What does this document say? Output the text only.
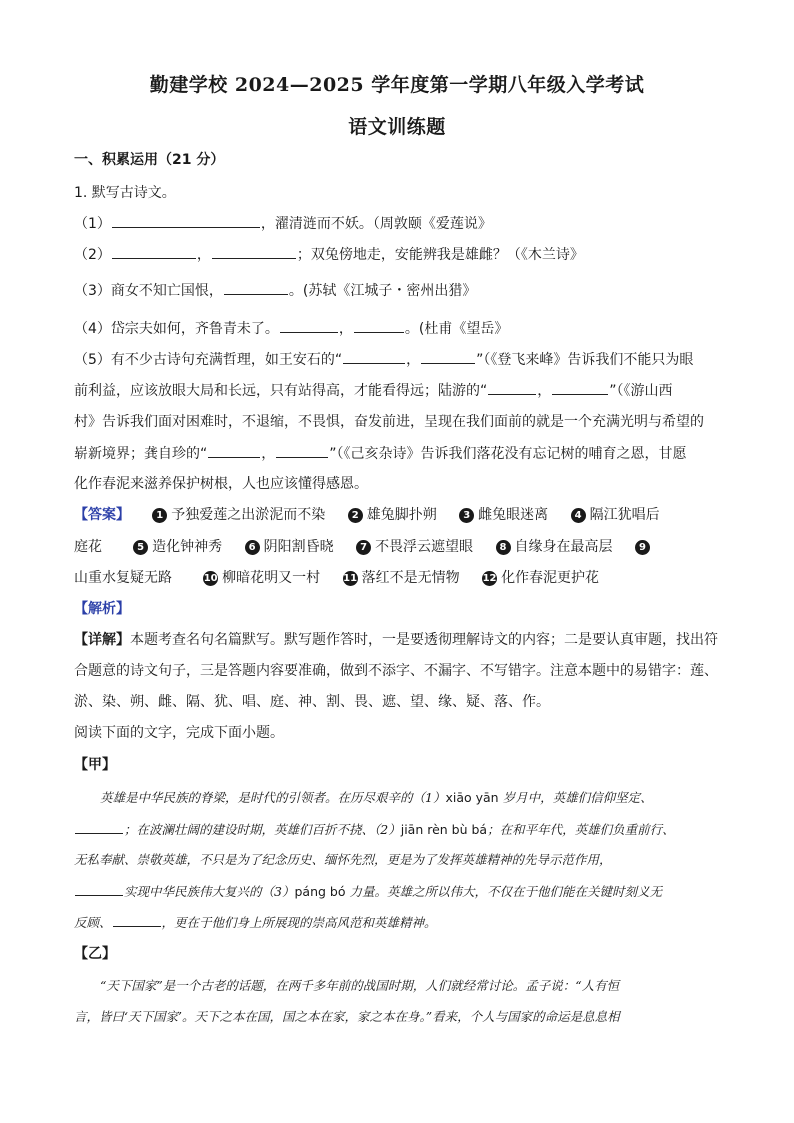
勤建学校 2024—2025 学年度第一学期八年级入学考试
语文训练题
一、积累运用（21 分）
1. 默写古诗文。
（1）	，濯清涟而不妖。（周敦颐《爱莲说》
（2）	，	；双兔傍地走，安能辨我是雄雌？（《木兰诗》
（3）商女不知亡国恨，	。(苏轼《江城子・密州出猎》
（4）岱宗夫如何，齐鲁青未了。	，	。(杜甫《望岳》
（5）有不少古诗句充满哲理，如王安石的“	，	”（《登飞来峰》告诉我们不能只为眼
前利益，应该放眼大局和长远，只有站得高，才能看得远；陆游的“	，	”（《游山西
村》告诉我们面对困难时，不退缩，不畏惧，奋发前进，呈现在我们面前的就是一个充满光明与希望的
崭新境界；龚自珍的“	，	”（《己亥杂诗》告诉我们落花没有忘记树的哺育之恩，甘愿
化作春泥来滋养保护树根，人也应该懂得感恩。
【答案】	1 予独爱莲之出淤泥而不染	2 雄兔脚扑朔	3 雌兔眼迷离	4 隔江犹唱后
庭花	5 造化钟神秀	6 阴阳割昏晓	7 不畏浮云遮望眼	8 自缘身在最高层	9
山重水复疑无路	10 柳暗花明又一村 11 落红不是无情物 12 化作春泥更护花
【解析】
【详解】本题考查名句名篇默写。默写题作答时，一是要透彻理解诗文的内容；二是要认真审题，找出符
合题意的诗文句子，三是答题内容要准确，做到不添字、不漏字、不写错字。注意本题中的易错字：莲、
淤、染、朔、雌、隔、犹、唱、庭、神、割、畏、遮、望、缘、疑、落、作。
阅读下面的文字，完成下面小题。
【甲】
英雄是中华民族的脊梁，是时代的引领者。在历尽艰辛的（1）xiāo yān 岁月中，英雄们信仰坚定、
；在波澜壮阔的建设时期，英雄们百折不挠、（2）jiān rèn bù bá；在和平年代，英雄们负重前行、
无私奉献、崇敬英雄，不只是为了纪念历史、缅怀先烈，更是为了发挥英雄精神的先导示范作用，
实现中华民族伟大复兴的（3）páng bó 力量。英雄之所以伟大，不仅在于他们能在关键时刻义无
反顾、	，更在于他们身上所展现的崇高风范和英雄精神。
【乙】
“天下国家”是一个古老的话题，在两千多年前的战国时期，人们就经常讨论。孟子说：“人有恒
言，皆曰‘天下国家’。天下之本在国，国之本在家，家之本在身。”看来，个人与国家的命运是息息相
